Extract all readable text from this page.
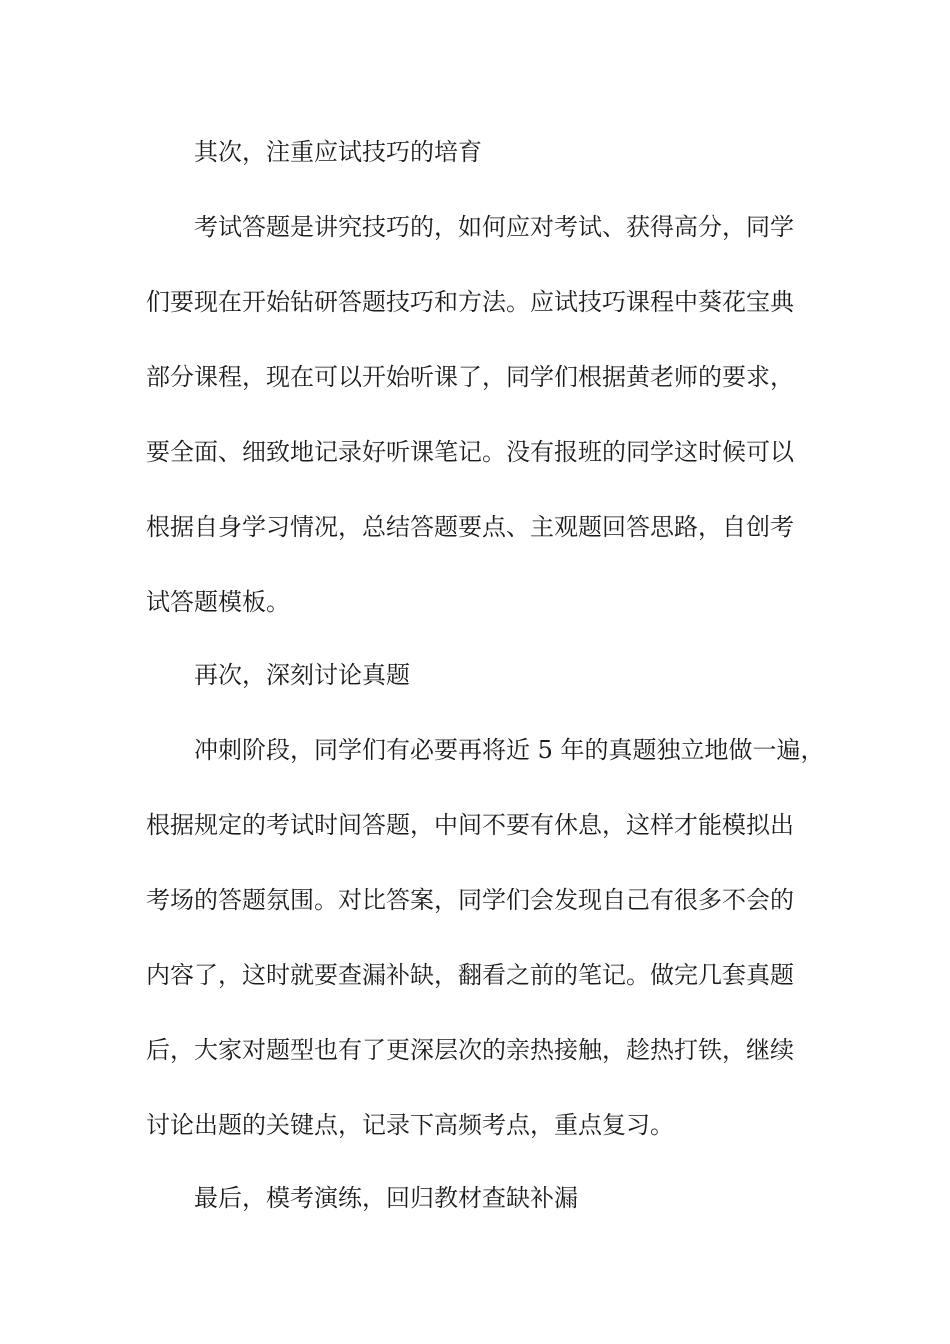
其次，注重应试技巧的培育
考试答题是讲究技巧的，如何应对考试、获得高分，同学
们要现在开始钻研答题技巧和方法。应试技巧课程中葵花宝典
部分课程，现在可以开始听课了，同学们根据黄老师的要求，
要全面、细致地记录好听课笔记。没有报班的同学这时候可以
根据自身学习情况，总结答题要点、主观题回答思路，自创考
试答题模板。
再次，深刻讨论真题
冲刺阶段，同学们有必要再将近 5 年的真题独立地做一遍，
根据规定的考试时间答题，中间不要有休息，这样才能模拟出
考场的答题氛围。对比答案，同学们会发现自己有很多不会的
内容了，这时就要查漏补缺，翻看之前的笔记。做完几套真题
后，大家对题型也有了更深层次的亲热接触，趁热打铁，继续
讨论出题的关键点，记录下高频考点，重点复习。
最后，模考演练，回归教材查缺补漏
